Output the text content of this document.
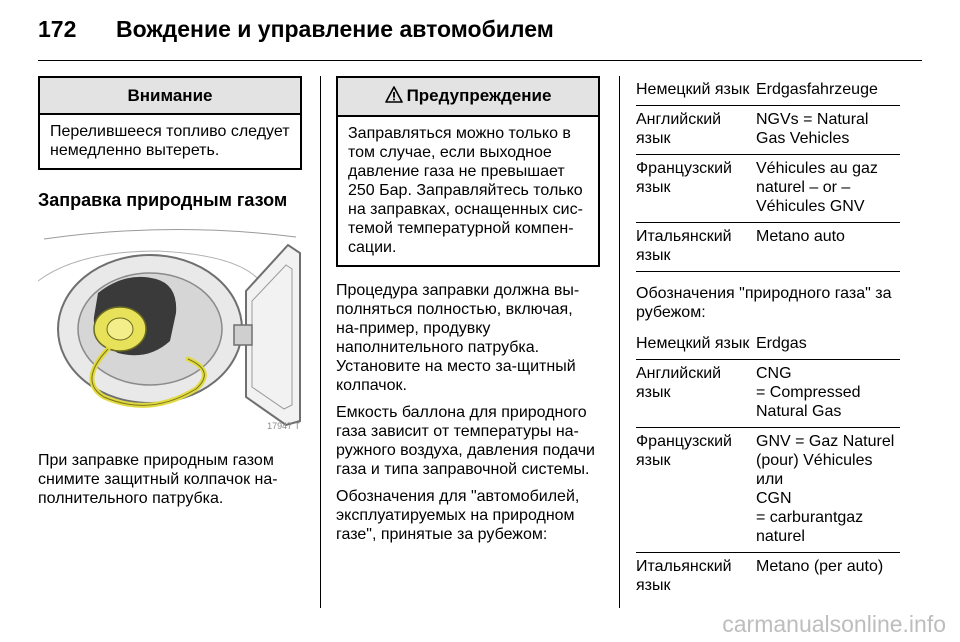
172 Вождение и управление автомобилем
Внимание
Перелившееся топливо следует немедленно вытереть.
Заправка природным газом
17947 T

При заправке природным газом снимите защитный колпачок на-полнительного патрубка.

Предупреждение
Заправляться можно только в том случае, если выходное давление газа не превышает 250 Бар. Заправляйтесь только на заправках, оснащенных сис-темой температурной компен-сации.

Процедура заправки должна вы-полняться полностью, включая, на-пример, продувку наполнительного патрубка. Установите на место за-щитный колпачок.

Емкость баллона для природного газа зависит от температуры на-ружного воздуха, давления подачи газа и типа заправочной системы.

Обозначения для "автомобилей, эксплуатируемых на природном газе", принятые за рубежом:

Немецкий язык Erdgasfahrzeuge
Английский язык
NGVs = Natural Gas Vehicles
Французский язык
Véhicules au gaz naturel – or – Véhicules GNV
Итальянский язык
Metano auto
Обозначения "природного газа" за рубежом:
Немецкий язык Erdgas
Английский язык
CNG
= Compressed Natural Gas
Французский язык
GNV = Gaz Naturel (pour) Véhicules
или
CGN
= carburantgaz naturel
Итальянский язык
Metano (per auto)
carmanualsonline.info
